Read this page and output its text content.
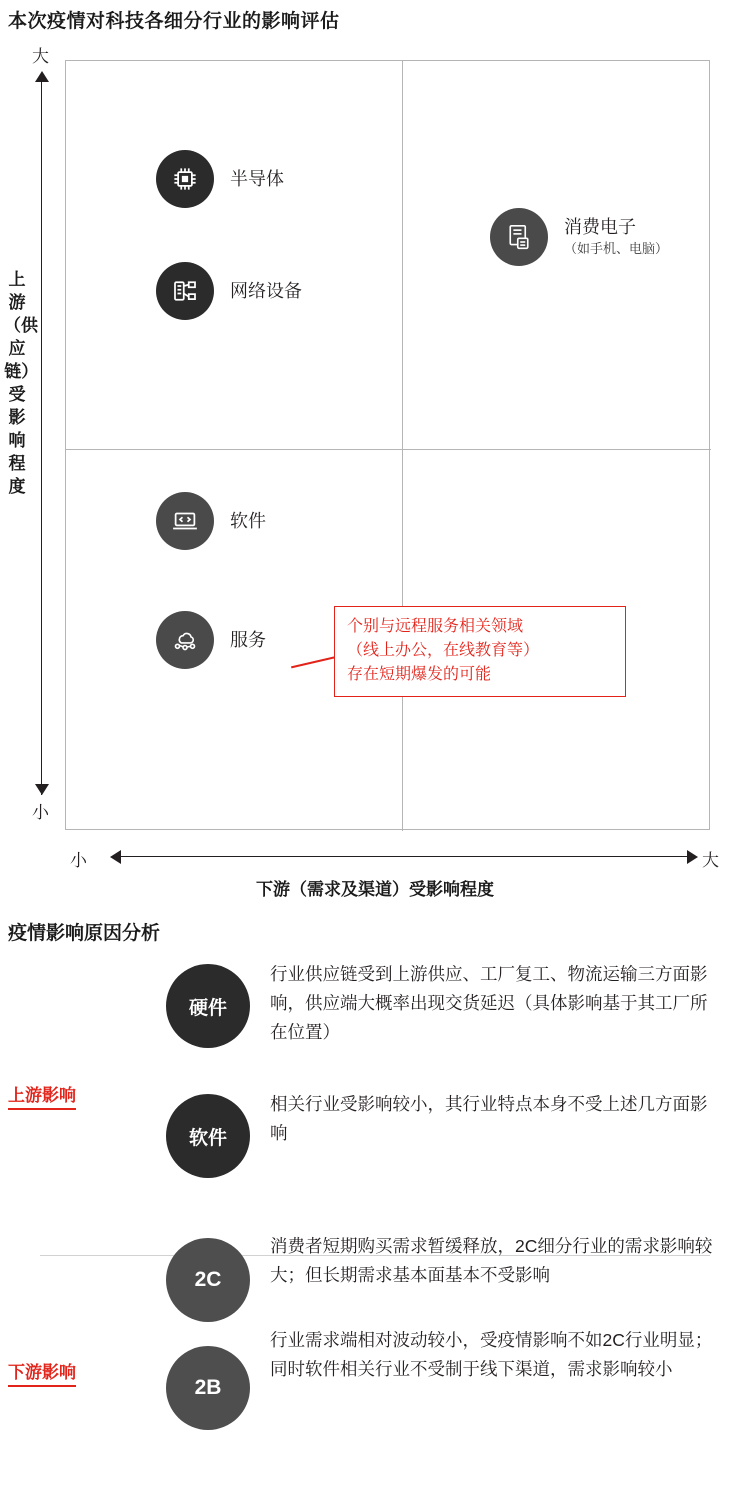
本次疫情对科技各细分行业的影响评估
大
小
上游（供应链）受影响程度
小	大
下游（需求及渠道）受影响程度
半导体
网络设备
消费电子
（如手机、电脑）
软件
服务
个别与远程服务相关领域
（线上办公，在线教育等）
存在短期爆发的可能
疫情影响原因分析
上游影响
下游影响
硬件
行业供应链受到上游供应、工厂复工、物流运输三方面影响，供应端大概率出现交货延迟（具体影响基于其工厂所在位置）
软件
相关行业受影响较小，其行业特点本身不受上述几方面影响
2C
消费者短期购买需求暂缓释放，2C细分行业的需求影响较大；但长期需求基本面基本不受影响
2B
行业需求端相对波动较小，受疫情影响不如2C行业明显；同时软件相关行业不受制于线下渠道，需求影响较小
